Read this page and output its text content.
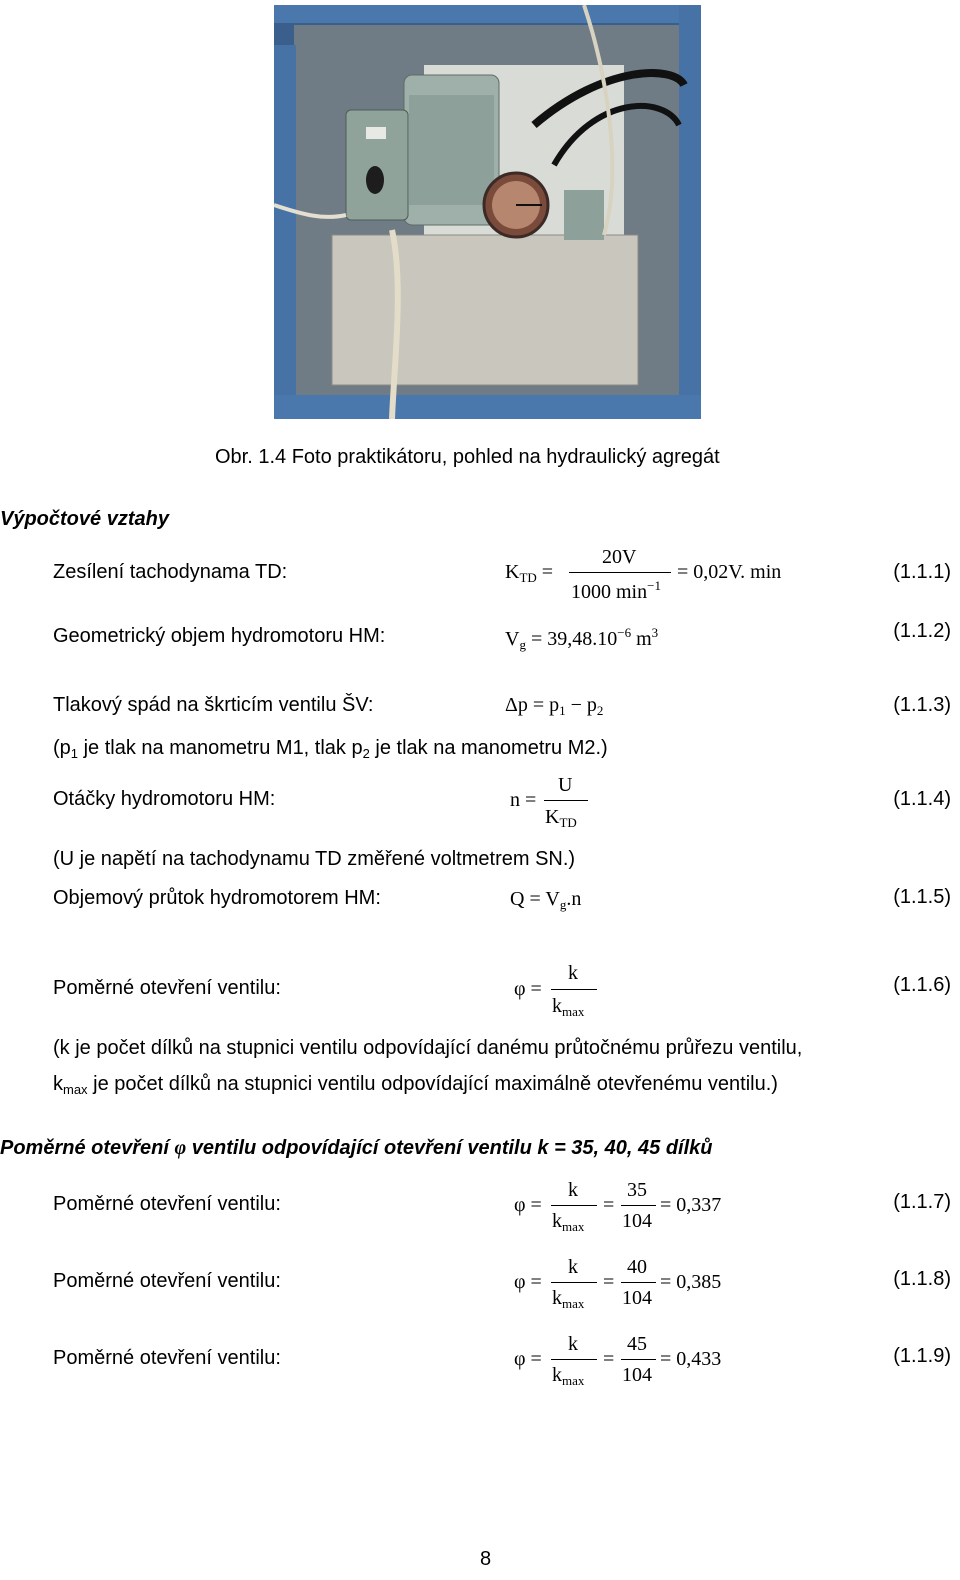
Obr. 1.4 Foto praktikátoru, pohled na hydraulický agregát
Výpočtové vztahy
Zesílení tachodynama TD:	$K_{TD}$ =
20V
1000 $\min^{-1}$
= 0,02V. min	(1.1.1)
Geometrický objem hydromotoru HM:	$V_g = 39,48.10^{-6}$ $m^3$	(1.1.2)
Tlakový spád na škrticím ventilu ŠV:	$\Delta p = p_1 - p_2$	(1.1.3)
($p_1$ je tlak na manometru M1, tlak $p_2$ je tlak na manometru M2.)
Otáčky hydromotoru HM:	n =
U
$K_{TD}$
(1.1.4)
(U je napětí na tachodynamu TD změřené voltmetrem SN.)
Objemový průtok hydromotorem HM:	$Q = V_g.n$	(1.1.5)
Poměrné otevření ventilu:	φ =
k
$k_{max}$
(1.1.6)
(k je počet dílků na stupnici ventilu odpovídající danému průtočnému průřezu ventilu,
$k_{max}$ je počet dílků na stupnici ventilu odpovídající maximálně otevřenému ventilu.)
Poměrné otevření φ ventilu odpovídající otevření ventilu k = 35, 40, 45 dílků
Poměrné otevření ventilu:	φ =
k
$k_{max}$
=
35
104
= 0,337	(1.1.7)
Poměrné otevření ventilu:	φ =
k
$k_{max}$
=
40
104
= 0,385	(1.1.8)
Poměrné otevření ventilu:	φ =
k
$k_{max}$
=
45
104
= 0,433	(1.1.9)
8
